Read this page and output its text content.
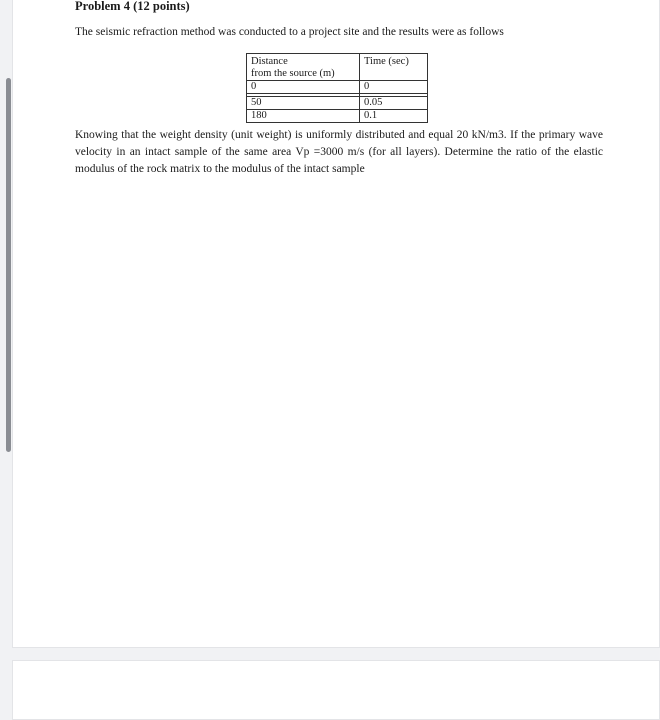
Problem 4 (12 points)
The seismic refraction method was conducted to a project site and the results were as follows
Distance
from the source (m)	Time (sec)
0	0

50	0.05
180	0.1

Knowing that the weight density (unit weight) is uniformly distributed and equal 20 kN/m3. If the primary wave velocity in an intact sample of the same area Vp =3000 m/s (for all layers). Determine the ratio of the elastic modulus of the rock matrix to the modulus of the intact sample
